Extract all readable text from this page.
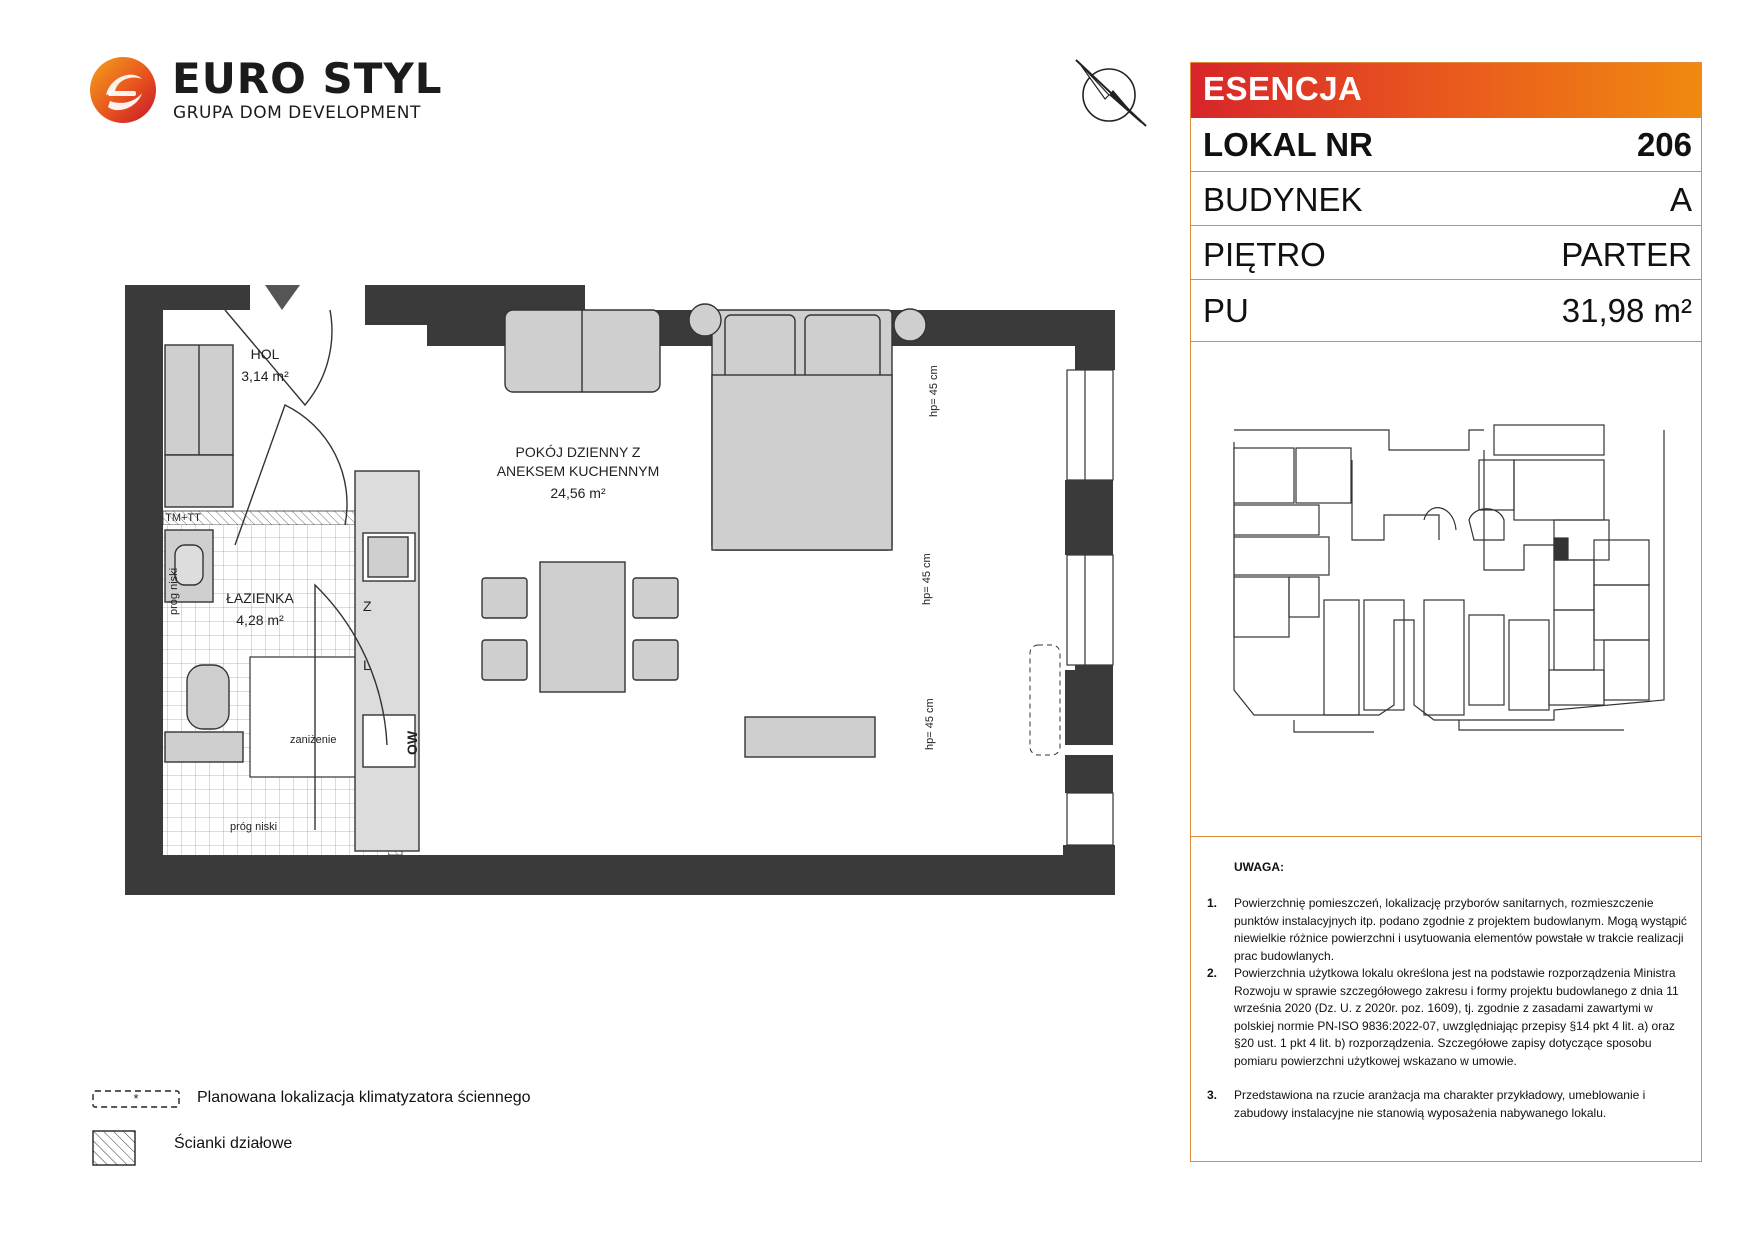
EURO STYL
GRUPA DOM DEVELOPMENT
ESENCJA
LOKAL NR	206
BUDYNEK	A
PIĘTRO	PARTER
PU	31,98 m²
UWAGA:
1. Powierzchnię pomieszczeń, lokalizację przyborów sanitarnych, rozmieszczenie punktów instalacyjnych itp. podano zgodnie z projektem budowlanym. Mogą wystąpić niewielkie różnice powierzchni i usytuowania elementów powstałe w trakcie realizacji prac budowlanych.
2. Powierzchnia użytkowa lokalu określona jest na podstawie rozporządzenia Ministra Rozwoju w sprawie szczegółowego zakresu i formy projektu budowlanego z dnia 11 września 2020 (Dz. U. z 2020r. poz. 1609), tj. zgodnie z zasadami zawartymi w polskiej normie PN-ISO 9836:2022-07, uwzględniając przepisy §14 pkt 4 lit. a) oraz §20 ust. 1 pkt 4 lit. b) rozporządzenia. Szczegółowe zapisy dotyczące sposobu pomiaru powierzchni użytkowej wskazano w umowie.
3. Przedstawiona na rzucie aranżacja ma charakter przykładowy, umeblowanie i zabudowy instalacyjne nie stanowią wyposażenia nabywanego lokalu.
*	Planowana lokalizacja klimatyzatora ściennego
Ścianki działowe
HOL
3,14 m²
POKÓJ DZIENNY Z
ANEKSEM KUCHENNYM
24,56 m²
ŁAZIENKA
4,28 m²
TM+TT
zaniżenie
próg niski
próg niski
hp= 45 cm
hp= 45 cm
hp= 45 cm
Z
L
OW
